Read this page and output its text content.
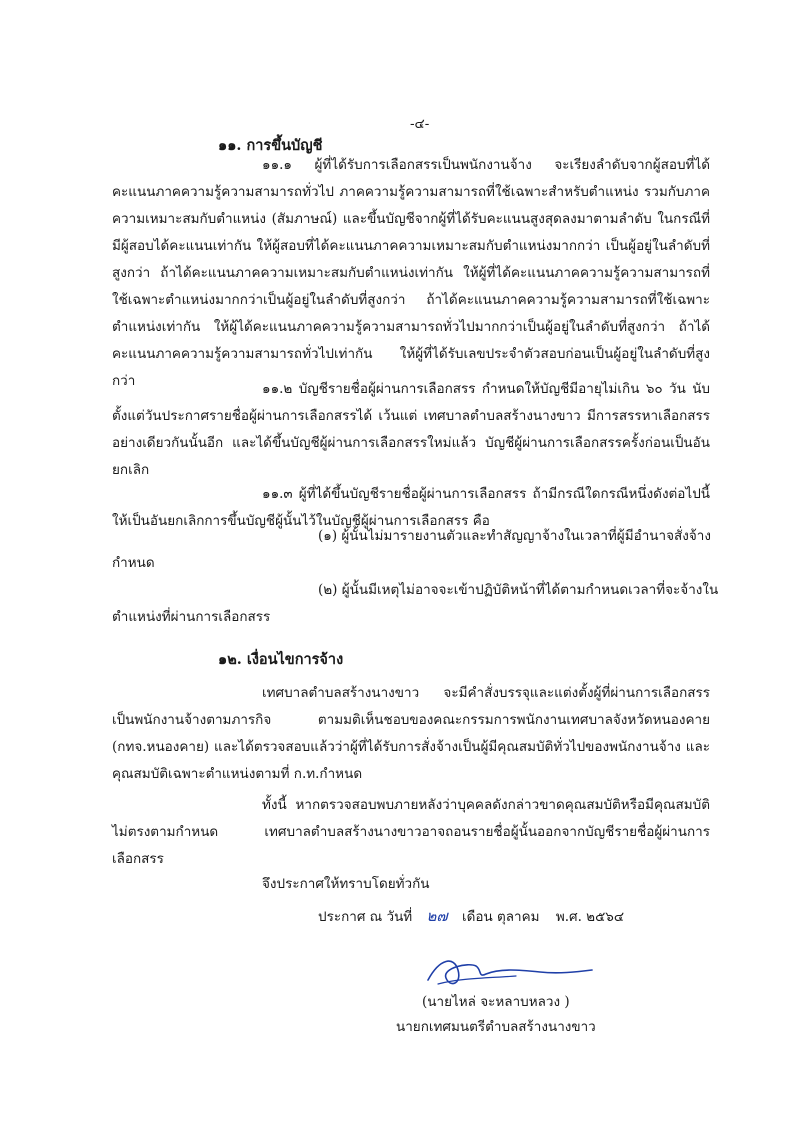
-๔-
๑๑. การขึ้นบัญชี

๑๑.๑ ผู้ที่ได้รับการเลือกสรรเป็นพนักงานจ้าง จะเรียงลำดับจากผู้สอบที่ได้คะแนนภาคความรู้ความสามารถทั่วไป ภาคความรู้ความสามารถที่ใช้เฉพาะสำหรับตำแหน่ง รวมกับภาคความเหมาะสมกับตำแหน่ง (สัมภาษณ์) และขึ้นบัญชีจากผู้ที่ได้รับคะแนนสูงสุดลงมาตามลำดับ ในกรณีที่มีผู้สอบได้คะแนนเท่ากัน ให้ผู้สอบที่ได้คะแนนภาคความเหมาะสมกับตำแหน่งมากกว่า เป็นผู้อยู่ในลำดับที่สูงกว่า ถ้าได้คะแนนภาคความเหมาะสมกับตำแหน่งเท่ากัน ให้ผู้ที่ได้คะแนนภาคความรู้ความสามารถที่ใช้เฉพาะตำแหน่งมากกว่าเป็นผู้อยู่ในลำดับที่สูงกว่า ถ้าได้คะแนนภาคความรู้ความสามารถที่ใช้เฉพาะตำแหน่งเท่ากัน ให้ผู้ได้คะแนนภาคความรู้ความสามารถทั่วไปมากกว่าเป็นผู้อยู่ในลำดับที่สูงกว่า ถ้าได้คะแนนภาคความรู้ความสามารถทั่วไปเท่ากัน ให้ผู้ที่ได้รับเลขประจำตัวสอบก่อนเป็นผู้อยู่ในลำดับที่สูงกว่า	๑๑.๒ บัญชีรายชื่อผู้ผ่านการเลือกสรร กำหนดให้บัญชีมีอายุไม่เกิน ๖๐ วัน นับตั้งแต่วันประกาศรายชื่อผู้ผ่านการเลือกสรรได้ เว้นแต่ เทศบาลตำบลสร้างนางขาว มีการสรรหาเลือกสรรอย่างเดียวกันนั้นอีก และได้ขึ้นบัญชีผู้ผ่านการเลือกสรรใหม่แล้ว บัญชีผู้ผ่านการเลือกสรรครั้งก่อนเป็นอันยกเลิก

๑๑.๓ ผู้ที่ได้ขึ้นบัญชีรายชื่อผู้ผ่านการเลือกสรร ถ้ามีกรณีใดกรณีหนึ่งดังต่อไปนี้ให้เป็นอันยกเลิกการขึ้นบัญชีผู้นั้นไว้ในบัญชีผู้ผ่านการเลือกสรร คือ

(๑) ผู้นั้นไม่มารายงานตัวและทำสัญญาจ้างในเวลาที่ผู้มีอำนาจสั่งจ้าง
กำหนด
(๒) ผู้นั้นมีเหตุไม่อาจจะเข้าปฏิบัติหน้าที่ได้ตามกำหนดเวลาที่จะจ้างใน
ตำแหน่งที่ผ่านการเลือกสรร
๑๒. เงื่อนไขการจ้าง

เทศบาลตำบลสร้างนางขาว จะมีคำสั่งบรรจุและแต่งตั้งผู้ที่ผ่านการเลือกสรรเป็นพนักงานจ้างตามภารกิจ ตามมติเห็นชอบของคณะกรรมการพนักงานเทศบาลจังหวัดหนองคาย (กทจ.หนองคาย) และได้ตรวจสอบแล้วว่าผู้ที่ได้รับการสั่งจ้างเป็นผู้มีคุณสมบัติทั่วไปของพนักงานจ้าง และคุณสมบัติเฉพาะตำแหน่งตามที่ ก.ท.กำหนด

ทั้งนี้ หากตรวจสอบพบภายหลังว่าบุคคลดังกล่าวขาดคุณสมบัติหรือมีคุณสมบัติไม่ตรงตามกำหนด เทศบาลตำบลสร้างนางขาวอาจถอนรายชื่อผู้นั้นออกจากบัญชีรายชื่อผู้ผ่านการเลือกสรร

จึงประกาศให้ทราบโดยทั่วกัน
ประกาศ ณ วันที่ ๒๗ เดือน ตุลาคม พ.ศ. ๒๕๖๔
(นายไหล่ จะหลาบหลวง )
นายกเทศมนตรีตำบลสร้างนางขาว
